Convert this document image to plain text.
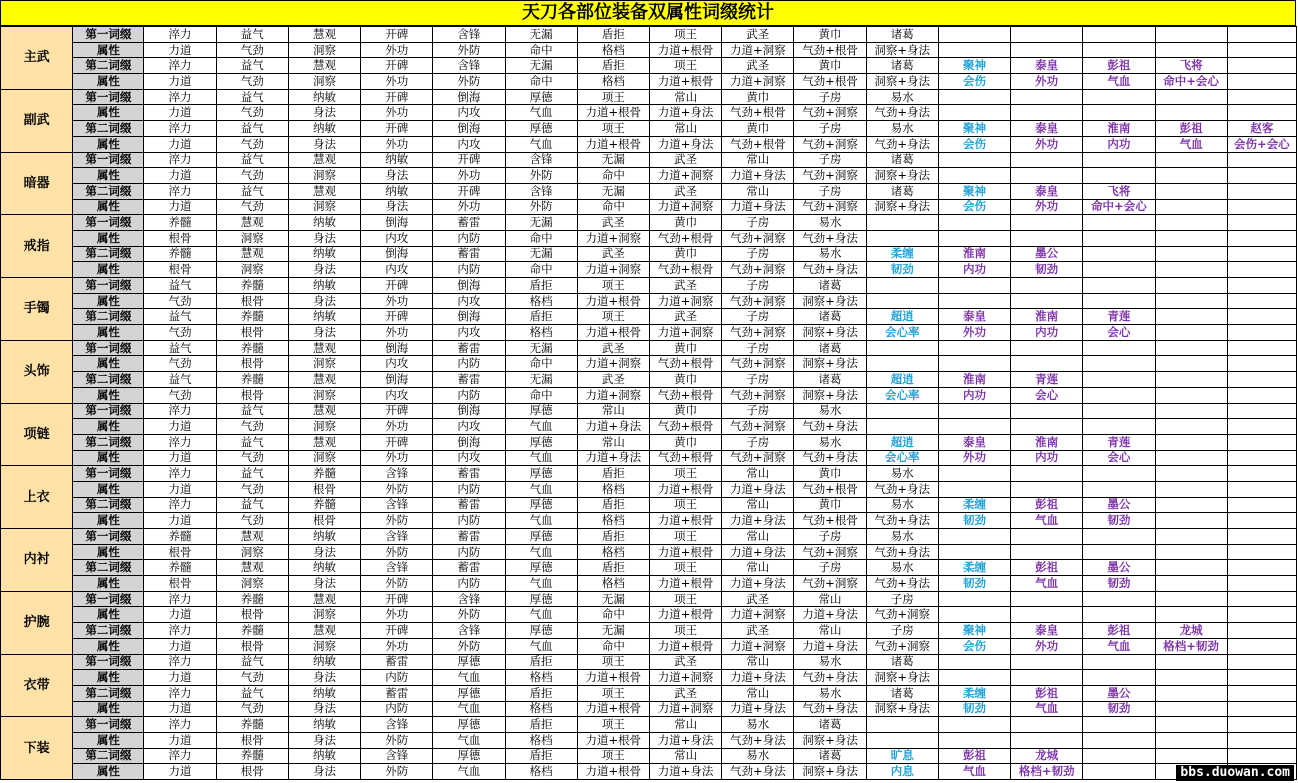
天刀各部位装备双属性词缀统计
主武	第一词缀	淬力	益气	慧观	开碑	含锋	无漏	盾拒	项王	武圣	黄巾	诸葛					
	属性	力道	气劲	洞察	外功	外防	命中	格档	力道+根骨	力道+洞察	气劲+根骨	洞察+身法					
	第二词缀	淬力	益气	慧观	开碑	含锋	无漏	盾拒	项王	武圣	黄巾	诸葛	聚神	泰皇	彭祖	飞将	
	属性	力道	气劲	洞察	外功	外防	命中	格档	力道+根骨	力道+洞察	气劲+根骨	洞察+身法	会伤	外功	气血	命中+会心	
副武	第一词缀	淬力	益气	纳敏	开碑	倒海	厚德	项王	常山	黄巾	子房	易水					
	属性	力道	气劲	身法	外功	内攻	气血	力道+根骨	力道+身法	气劲+根骨	气劲+洞察	气劲+身法					
	第二词缀	淬力	益气	纳敏	开碑	倒海	厚德	项王	常山	黄巾	子房	易水	聚神	泰皇	淮南	彭祖	赵客
	属性	力道	气劲	身法	外功	内攻	气血	力道+根骨	力道+身法	气劲+根骨	气劲+洞察	气劲+身法	会伤	外功	内功	气血	会伤+会心
暗器	第一词缀	淬力	益气	慧观	纳敏	开碑	含锋	无漏	武圣	常山	子房	诸葛					
	属性	力道	气劲	洞察	身法	外功	外防	命中	力道+洞察	力道+身法	气劲+洞察	洞察+身法					
	第二词缀	淬力	益气	慧观	纳敏	开碑	含锋	无漏	武圣	常山	子房	诸葛	聚神	泰皇	飞将		
	属性	力道	气劲	洞察	身法	外功	外防	命中	力道+洞察	力道+身法	气劲+洞察	洞察+身法	会伤	外功	命中+会心		
戒指	第一词缀	养髓	慧观	纳敏	倒海	蓄雷	无漏	武圣	黄巾	子房	易水						
	属性	根骨	洞察	身法	内攻	内防	命中	力道+洞察	气劲+根骨	气劲+洞察	气劲+身法						
	第二词缀	养髓	慧观	纳敏	倒海	蓄雷	无漏	武圣	黄巾	子房	易水	柔缠	淮南	墨公			
	属性	根骨	洞察	身法	内攻	内防	命中	力道+洞察	气劲+根骨	气劲+洞察	气劲+身法	韧劲	内功	韧劲			
手镯	第一词缀	益气	养髓	纳敏	开碑	倒海	盾拒	项王	武圣	子房	诸葛						
	属性	气劲	根骨	身法	外功	内攻	格档	力道+根骨	力道+洞察	气劲+洞察	洞察+身法						
	第二词缀	益气	养髓	纳敏	开碑	倒海	盾拒	项王	武圣	子房	诸葛	超逍	泰皇	淮南	青莲		
	属性	气劲	根骨	身法	外功	内攻	格档	力道+根骨	力道+洞察	气劲+洞察	洞察+身法	会心率	外功	内功	会心		
头饰	第一词缀	益气	养髓	慧观	倒海	蓄雷	无漏	武圣	黄巾	子房	诸葛						
	属性	气劲	根骨	洞察	内攻	内防	命中	力道+洞察	气劲+根骨	气劲+洞察	洞察+身法						
	第二词缀	益气	养髓	慧观	倒海	蓄雷	无漏	武圣	黄巾	子房	诸葛	超逍	淮南	青莲			
	属性	气劲	根骨	洞察	内攻	内防	命中	力道+洞察	气劲+根骨	气劲+洞察	洞察+身法	会心率	内功	会心			
项链	第一词缀	淬力	益气	慧观	开碑	倒海	厚德	常山	黄巾	子房	易水						
	属性	力道	气劲	洞察	外功	内攻	气血	力道+身法	气劲+根骨	气劲+洞察	气劲+身法						
	第二词缀	淬力	益气	慧观	开碑	倒海	厚德	常山	黄巾	子房	易水	超逍	泰皇	淮南	青莲		
	属性	力道	气劲	洞察	外功	内攻	气血	力道+身法	气劲+根骨	气劲+洞察	气劲+身法	会心率	外功	内功	会心		
上衣	第一词缀	淬力	益气	养髓	含锋	蓄雷	厚德	盾拒	项王	常山	黄巾	易水					
	属性	力道	气劲	根骨	外防	内防	气血	格档	力道+根骨	力道+身法	气劲+根骨	气劲+身法					
	第二词缀	淬力	益气	养髓	含锋	蓄雷	厚德	盾拒	项王	常山	黄巾	易水	柔缠	彭祖	墨公		
	属性	力道	气劲	根骨	外防	内防	气血	格档	力道+根骨	力道+身法	气劲+根骨	气劲+身法	韧劲	气血	韧劲		
内衬	第一词缀	养髓	慧观	纳敏	含锋	蓄雷	厚德	盾拒	项王	常山	子房	易水					
	属性	根骨	洞察	身法	外防	内防	气血	格档	力道+根骨	力道+身法	气劲+洞察	气劲+身法					
	第二词缀	养髓	慧观	纳敏	含锋	蓄雷	厚德	盾拒	项王	常山	子房	易水	柔缠	彭祖	墨公		
	属性	根骨	洞察	身法	外防	内防	气血	格档	力道+根骨	力道+身法	气劲+洞察	气劲+身法	韧劲	气血	韧劲		
护腕	第一词缀	淬力	养髓	慧观	开碑	含锋	厚德	无漏	项王	武圣	常山	子房					
	属性	力道	根骨	洞察	外功	外防	气血	命中	力道+根骨	力道+洞察	力道+身法	气劲+洞察					
	第二词缀	淬力	养髓	慧观	开碑	含锋	厚德	无漏	项王	武圣	常山	子房	聚神	泰皇	彭祖	龙城	
	属性	力道	根骨	洞察	外功	外防	气血	命中	力道+根骨	力道+洞察	力道+身法	气劲+洞察	会伤	外功	气血	格档+韧劲	
衣带	第一词缀	淬力	益气	纳敏	蓄雷	厚德	盾拒	项王	武圣	常山	易水	诸葛					
	属性	力道	气劲	身法	内防	气血	格档	力道+根骨	力道+洞察	力道+身法	气劲+身法	洞察+身法					
	第二词缀	淬力	益气	纳敏	蓄雷	厚德	盾拒	项王	武圣	常山	易水	诸葛	柔缠	彭祖	墨公		
	属性	力道	气劲	身法	内防	气血	格档	力道+根骨	力道+洞察	力道+身法	气劲+身法	洞察+身法	韧劲	气血	韧劲		
下装	第一词缀	淬力	养髓	纳敏	含锋	厚德	盾拒	项王	常山	易水	诸葛						
	属性	力道	根骨	身法	外防	气血	格档	力道+根骨	力道+身法	气劲+身法	洞察+身法						
	第二词缀	淬力	养髓	纳敏	含锋	厚德	盾拒	项王	常山	易水	诸葛	旷息	彭祖	龙城			
	属性	力道	根骨	身法	外防	气血	格档	力道+根骨	力道+身法	气劲+身法	洞察+身法	内息	气血	格档+韧劲				bbs.duowan.com
